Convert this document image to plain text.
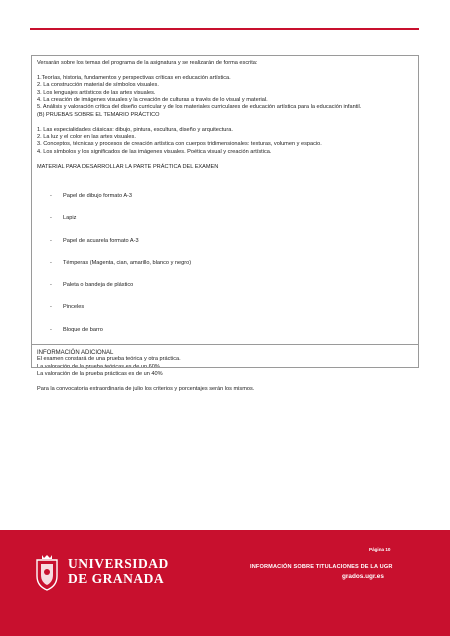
Versarán sobre los temas del programa de la asignatura y se realizarán de forma escrita:

1.Teorías, historia, fundamentos y perspectivas críticas en educación artística.

2. La construcción material de símbolos visuales.

3. Los lenguajes artísticos de las artes visuales.

4. La creación de imágenes visuales y la creación de culturas a través de lo visual y material.

5. Análisis y valoración crítica del diseño curricular y de los materiales curriculares de educación artística para la educación infantil.

(B) PRUEBAS SOBRE EL TEMARIO PRÁCTICO

1. Las especialidades clásicas: dibujo, pintura, escultura, diseño y arquitectura.

2. La luz y el color en las artes visuales.

3. Conceptos, técnicas y procesos de creación artística con cuerpos tridimensionales: texturas, volumen y espacio.

4. Los símbolos y los significados de las imágenes visuales. Poética visual y creación artística.

MATERIAL PARA DESARROLLAR LA PARTE PRÁCTICA DEL EXAMEN

- Papel de dibujo formato A-3

- Lapiz

- Papel de acuarela formato A-3

- Témperas (Magenta, cian, amarillo, blanco y negro)

- Paleta o bandeja de plástico

- Pinceles

- Bloque de barro

El examen constará de una prueba teórica y otra práctica.

La valoración de la prueba teóricas es de un 60%

La valoración de la prueba prácticas es de un 40%

Para la convocatoria extraordinaria de julio los criterios y porcentajes serán los mismos.

INFORMACIÓN ADICIONAL
UNIVERSIDAD
DE GRANADA
Página 10
INFORMACIÓN SOBRE TITULACIONES DE LA UGR
grados.ugr.es
